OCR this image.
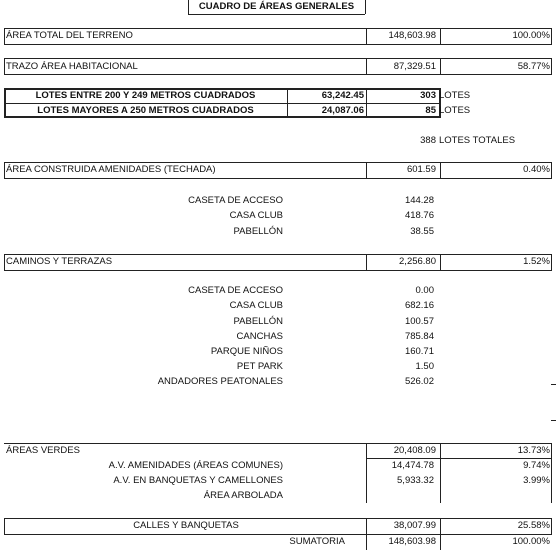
CUADRO DE ÁREAS GENERALES
ÁREA TOTAL DEL TERRENO	148,603.98	100.00%
TRAZO ÁREA HABITACIONAL	87,329.51	58.77%
LOTES ENTRE 200 Y 249 METROS CUADRADOS	63,242.45	303 LOTES
LOTES MAYORES A 250 METROS CUADRADOS	24,087.06	85 LOTES
388 LOTES TOTALES
ÁREA CONSTRUIDA AMENIDADES (TECHADA)	601.59	0.40%
CASETA DE ACCESO	144.28
CASA CLUB	418.76
PABELLÓN	38.55
CAMINOS Y TERRAZAS	2,256.80	1.52%
CASETA DE ACCESO	0.00
CASA CLUB	682.16
PABELLÓN	100.57
CANCHAS	785.84
PARQUE NIÑOS	160.71
PET PARK	1.50
ANDADORES PEATONALES	526.02
ÁREAS VERDES	20,408.09	13.73%
A.V. AMENIDADES (ÁREAS COMUNES)	14,474.78	9.74%
A.V. EN BANQUETAS Y CAMELLONES	5,933.32	3.99%
ÁREA ARBOLADA
CALLES Y BANQUETAS	38,007.99	25.58%
SUMATORIA	148,603.98	100.00%
